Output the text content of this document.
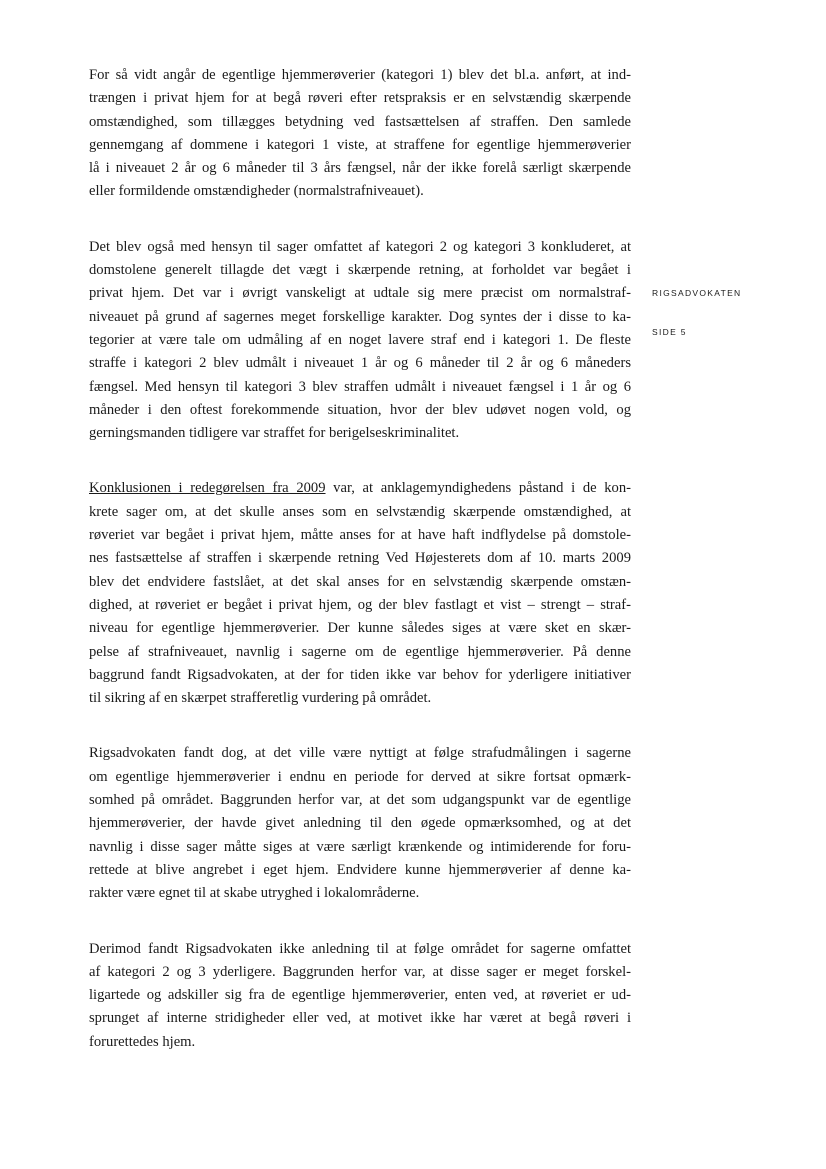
RIGSADVOKATEN
SIDE 5

For så vidt angår de egentlige hjemmerøverier (kategori 1) blev det bl.a. anført, at ind-
trængen i privat hjem for at begå røveri efter retspraksis er en selvstændig skærpende
omstændighed, som tillægges betydning ved fastsættelsen af straffen. Den samlede
gennemgang af dommene i kategori 1 viste, at straffene for egentlige hjemmerøverier
lå i niveauet 2 år og 6 måneder til 3 års fængsel, når der ikke forelå særligt skærpende
eller formildende omstændigheder (normalstrafniveauet).

Det blev også med hensyn til sager omfattet af kategori 2 og kategori 3 konkluderet, at
domstolene generelt tillagde det vægt i skærpende retning, at forholdet var begået i
privat hjem. Det var i øvrigt vanskeligt at udtale sig mere præcist om normalstraf-
niveauet på grund af sagernes meget forskellige karakter. Dog syntes der i disse to ka-
tegorier at være tale om udmåling af en noget lavere straf end i kategori 1. De fleste
straffe i kategori 2 blev udmålt i niveauet 1 år og 6 måneder til 2 år og 6 måneders
fængsel. Med hensyn til kategori 3 blev straffen udmålt i niveauet fængsel i 1 år og 6
måneder i den oftest forekommende situation, hvor der blev udøvet nogen vold, og
gerningsmanden tidligere var straffet for berigelseskriminalitet.

Konklusionen i redegørelsen fra 2009 var, at anklagemyndighedens påstand i de kon-
krete sager om, at det skulle anses som en selvstændig skærpende omstændighed, at
røveriet var begået i privat hjem, måtte anses for at have haft indflydelse på domstole-
nes fastsættelse af straffen i skærpende retning Ved Højesterets dom af 10. marts 2009
blev det endvidere fastslået, at det skal anses for en selvstændig skærpende omstæn-
dighed, at røveriet er begået i privat hjem, og der blev fastlagt et vist – strengt – straf-
niveau for egentlige hjemmerøverier. Der kunne således siges at være sket en skær-
pelse af strafniveauet, navnlig i sagerne om de egentlige hjemmerøverier. På denne
baggrund fandt Rigsadvokaten, at der for tiden ikke var behov for yderligere initiativer
til sikring af en skærpet strafferetlig vurdering på området.

Rigsadvokaten fandt dog, at det ville være nyttigt at følge strafudmålingen i sagerne
om egentlige hjemmerøverier i endnu en periode for derved at sikre fortsat opmærk-
somhed på området. Baggrunden herfor var, at det som udgangspunkt var de egentlige
hjemmerøverier, der havde givet anledning til den øgede opmærksomhed, og at det
navnlig i disse sager måtte siges at være særligt krænkende og intimiderende for foru-
rettede at blive angrebet i eget hjem. Endvidere kunne hjemmerøverier af denne ka-
rakter være egnet til at skabe utryghed i lokalområderne.

Derimod fandt Rigsadvokaten ikke anledning til at følge området for sagerne omfattet
af kategori 2 og 3 yderligere. Baggrunden herfor var, at disse sager er meget forskel-
ligartede og adskiller sig fra de egentlige hjemmerøverier, enten ved, at røveriet er ud-
sprunget af interne stridigheder eller ved, at motivet ikke har været at begå røveri i
forurettedes hjem.
